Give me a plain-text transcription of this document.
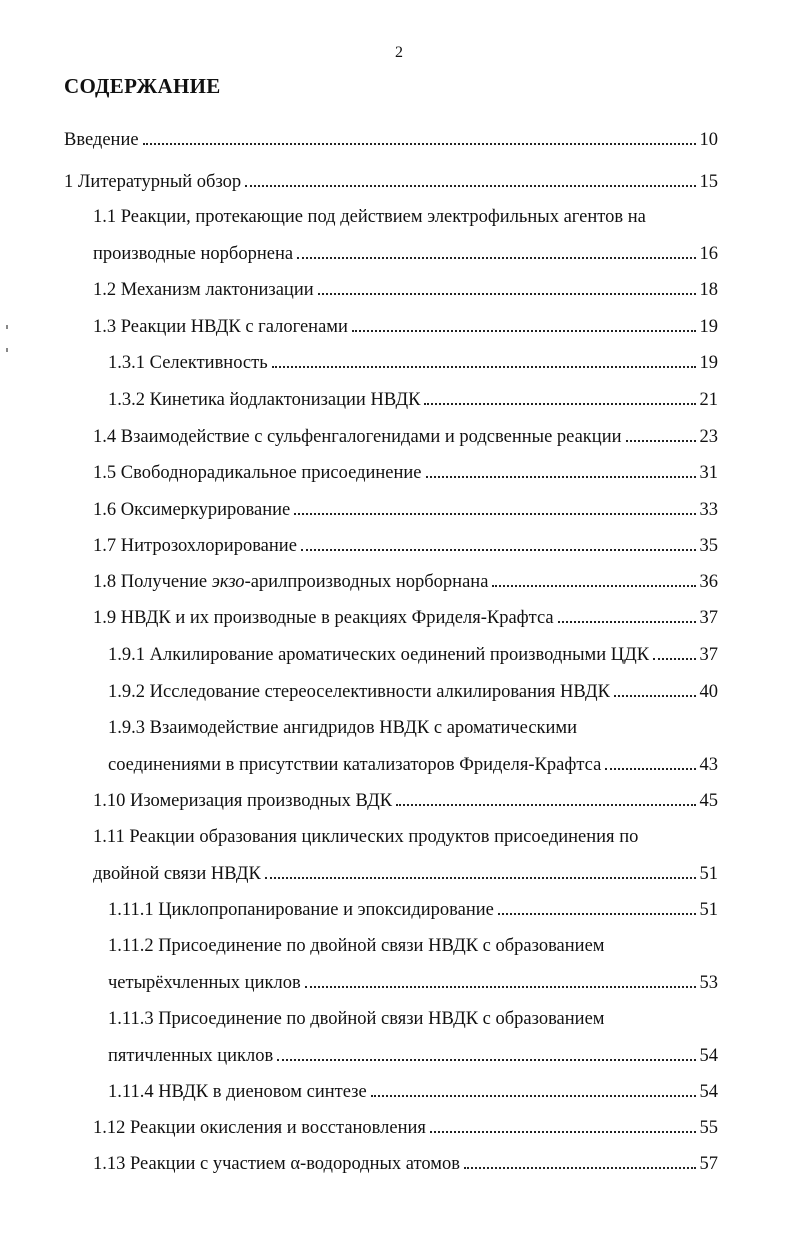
2
СОДЕРЖАНИЕ
Введение	10
1 Литературный обзор	15
1.1 Реакции, протекающие под действием электрофильных агентов на
производные норборнена	16
1.2 Механизм лактонизации	18
1.3 Реакции НВДК с галогенами	19
1.3.1 Селективность	19
1.3.2 Кинетика йодлактонизации НВДК	21
1.4 Взаимодействие с сульфенгалогенидами и родсвенные реакции	23
1.5 Свободнорадикальное присоединение	31
1.6 Оксимеркурирование	33
1.7 Нитрозохлорирование	35
1.8 Получение экзо-арилпроизводных норборнана	36
1.9 НВДК и их производные в реакциях Фриделя-Крафтса	37
1.9.1 Алкилирование ароматических оединений производными ЦДК	37
1.9.2 Исследование стереоселективности алкилирования НВДК	40
1.9.3 Взаимодействие ангидридов НВДК с ароматическими
соединениями в присутствии катализаторов Фриделя-Крафтса	43
1.10 Изомеризация производных ВДК	45
1.11 Реакции образования циклических продуктов присоединения по
двойной связи НВДК	51
1.11.1 Циклопропанирование и эпоксидирование	51
1.11.2 Присоединение по двойной связи НВДК с образованием
четырёхчленных циклов	53
1.11.3 Присоединение по двойной связи НВДК с образованием
пятичленных циклов	54
1.11.4 НВДК в диеновом синтезе	54
1.12 Реакции окисления и восстановления	55
1.13 Реакции с участием α-водородных атомов	57
